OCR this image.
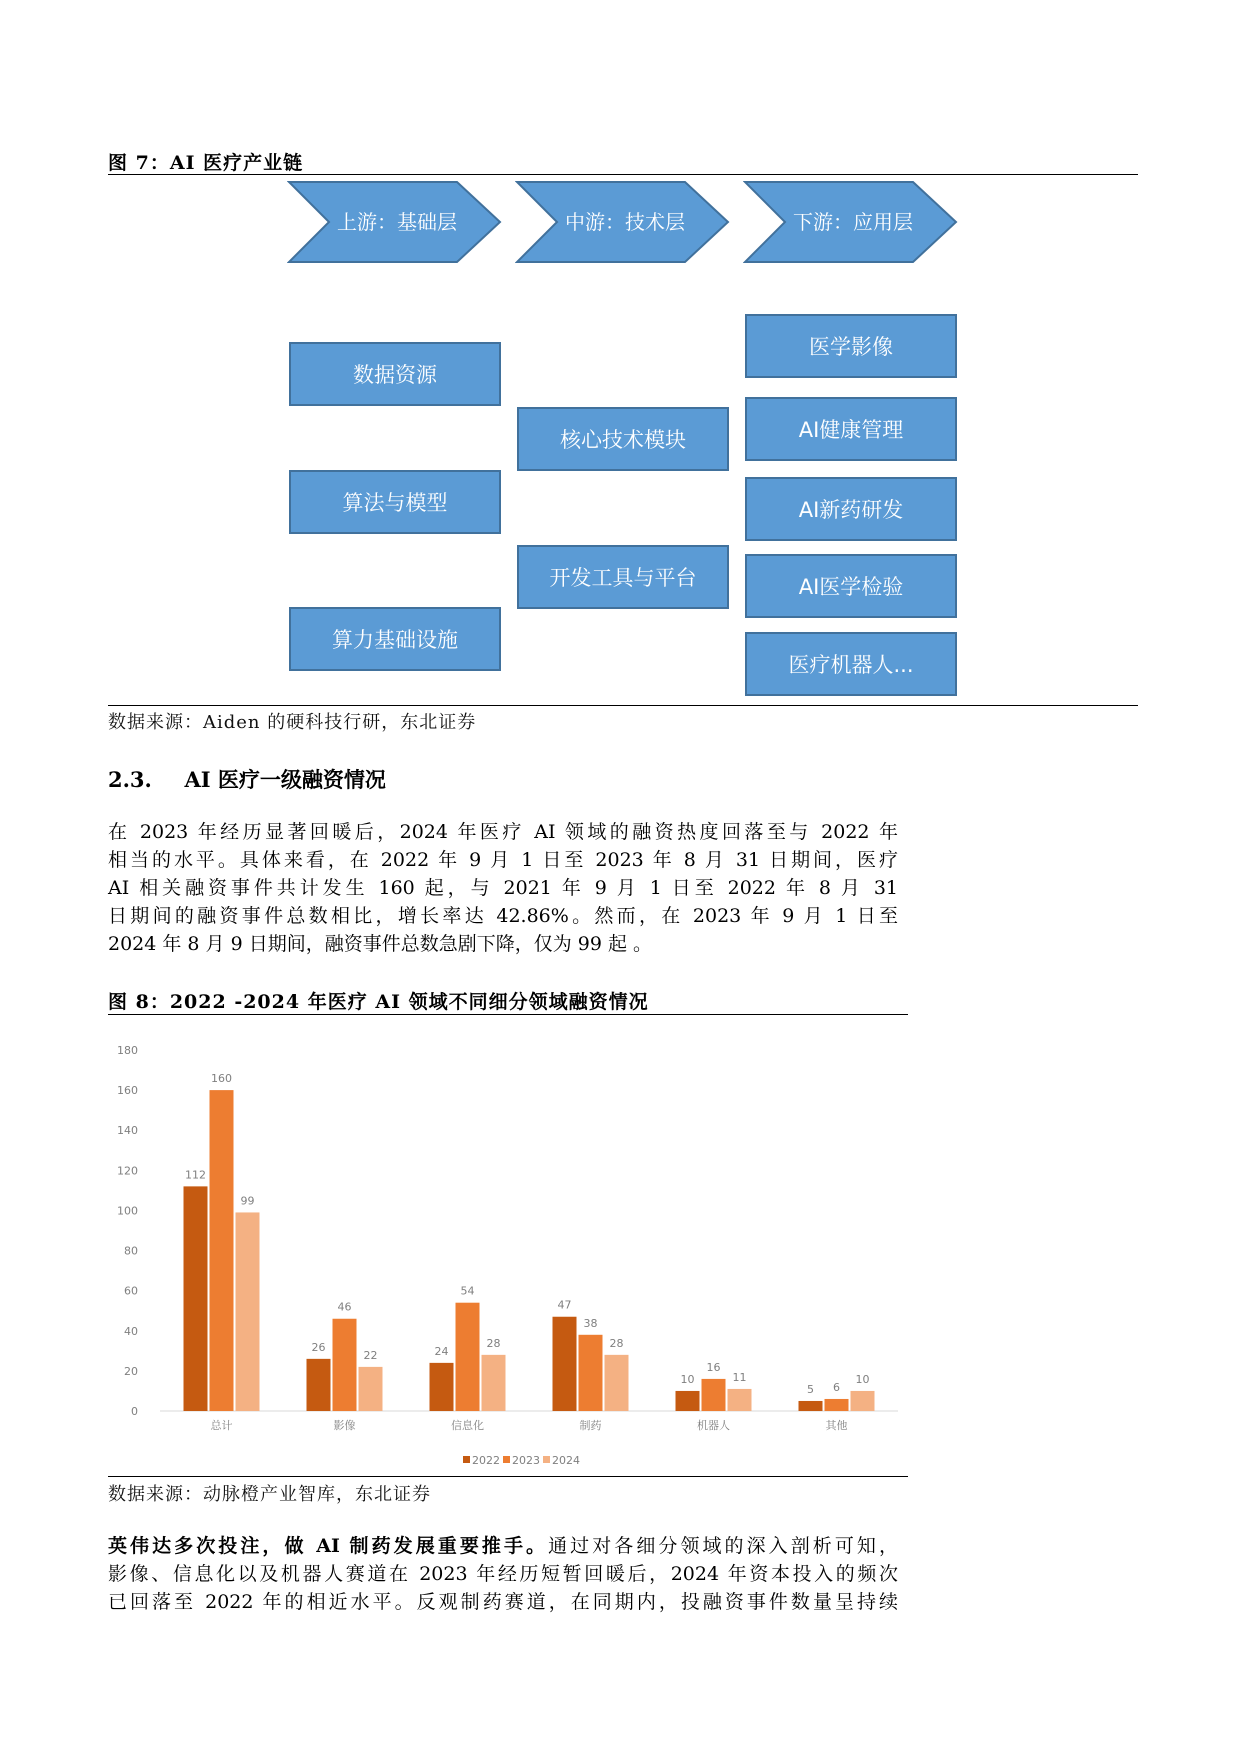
图 7：AI 医疗产业链
上游：基础层	中游：技术层	下游：应用层
数据资源
算法与模型
算力基础设施
核心技术模块
开发工具与平台
医学影像
AI健康管理
AI新药研发
AI医学检验
医疗机器人...
数据来源：Aiden 的硬科技行研，东北证券
2.3. AI 医疗一级融资情况
在 2023 年经历显著回暖后，2024 年医疗 AI 领域的融资热度回落至与 2022 年
相当的水平。具体来看，在 2022 年 9 月 1 日至 2023 年 8 月 31 日期间，医疗
AI 相关融资事件共计发生 160 起，与 2021 年 9 月 1 日至 2022 年 8 月 31
日期间的融资事件总数相比，增长率达 42.86%。然而，在 2023 年 9 月 1 日至
2024 年 8 月 9 日期间，融资事件总数急剧下降，仅为 99 起 。
图 8：2022 -2024 年医疗 AI 领域不同细分领域融资情况
0
20
40
60
80
100
120
140
160
180
112
160
99
总计
26
46
22
影像
24
54
28
信息化
47
38
28
制药
10
16
11
机器人
5 6
10
其他
2022 2023 2024
数据来源：动脉橙产业智库，东北证券
英伟达多次投注，做 AI 制药发展重要推手。通过对各细分领域的深入剖析可知，
影像、信息化以及机器人赛道在 2023 年经历短暂回暖后，2024 年资本投入的频次
已回落至 2022 年的相近水平。反观制药赛道，在同期内，投融资事件数量呈持续
